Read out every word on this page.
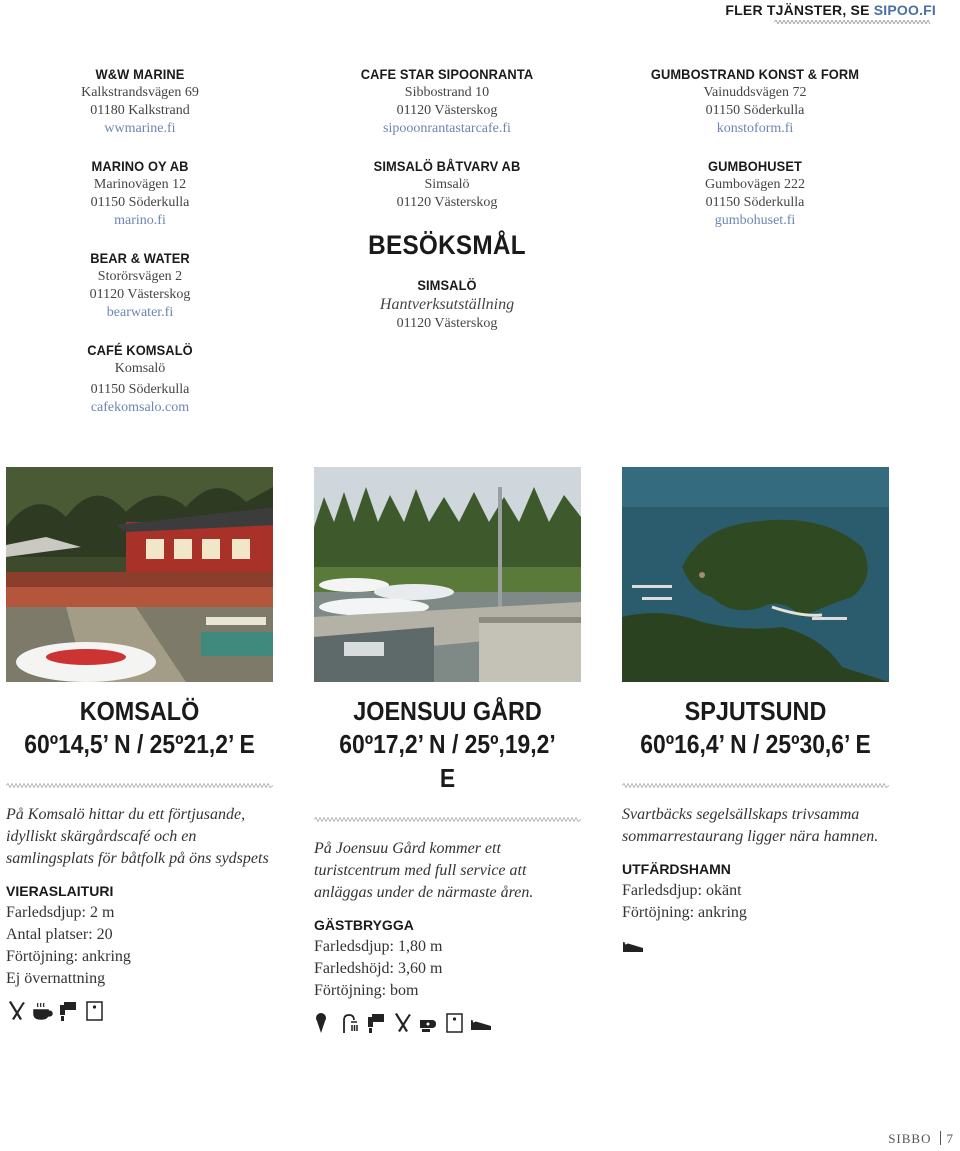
FLER TJÄNSTER, SE SIPOO.FI
W&W MARINE
Kalkstrandsvägen 69
01180 Kalkstrand
wwmarine.fi
MARINO OY AB
Marinovägen 12
01150 Söderkulla
marino.fi
BEAR & WATER
Storörsvägen 2
01120 Västerskog
bearwater.fi
CAFÉ KOMSALÖ
Komsalö
01150 Söderkulla
cafekomsalo.com
CAFE STAR SIPOONRANTA
Sibbostrand 10
01120 Västerskog
sipooonrantastarcafe.fi
SIMSALÖ BÅTVARV AB
Simsalö
01120 Västerskog
BESÖKSMÅL
SIMSALÖ
Hantverksutställning
01120 Västerskog
GUMBOSTRAND KONST & FORM
Vainuddsvägen 72
01150 Söderkulla
konstoform.fi
GUMBOHUSET
Gumbovägen 222
01150 Söderkulla
gumbohuset.fi
KOMSALÖ
60º14,5’ N / 25º21,2’ E
På Komsalö hittar du ett förtjusande, idylliskt skärgårdscafé och en samlingsplats för båtfolk på öns sydspets
VIERASLAITURI
Farledsdjup: 2 m
Antal platser: 20
Förtöjning: ankring
Ej övernattning
JOENSUU GÅRD
60º17,2’ N / 25º,19,2’ E
På Joensuu Gård kommer ett turistcentrum med full service att anläggas under de närmaste åren.
GÄSTBRYGGA
Farledsdjup: 1,80 m
Farledshöjd: 3,60 m
Förtöjning: bom
SPJUTSUND
60º16,4’ N / 25º30,6’ E
Svartbäcks segelsällskaps trivsamma sommarrestaurang ligger nära hamnen.
UTFÄRDSHAMN
Farledsdjup: okänt
Förtöjning: ankring
SIBBO 7
